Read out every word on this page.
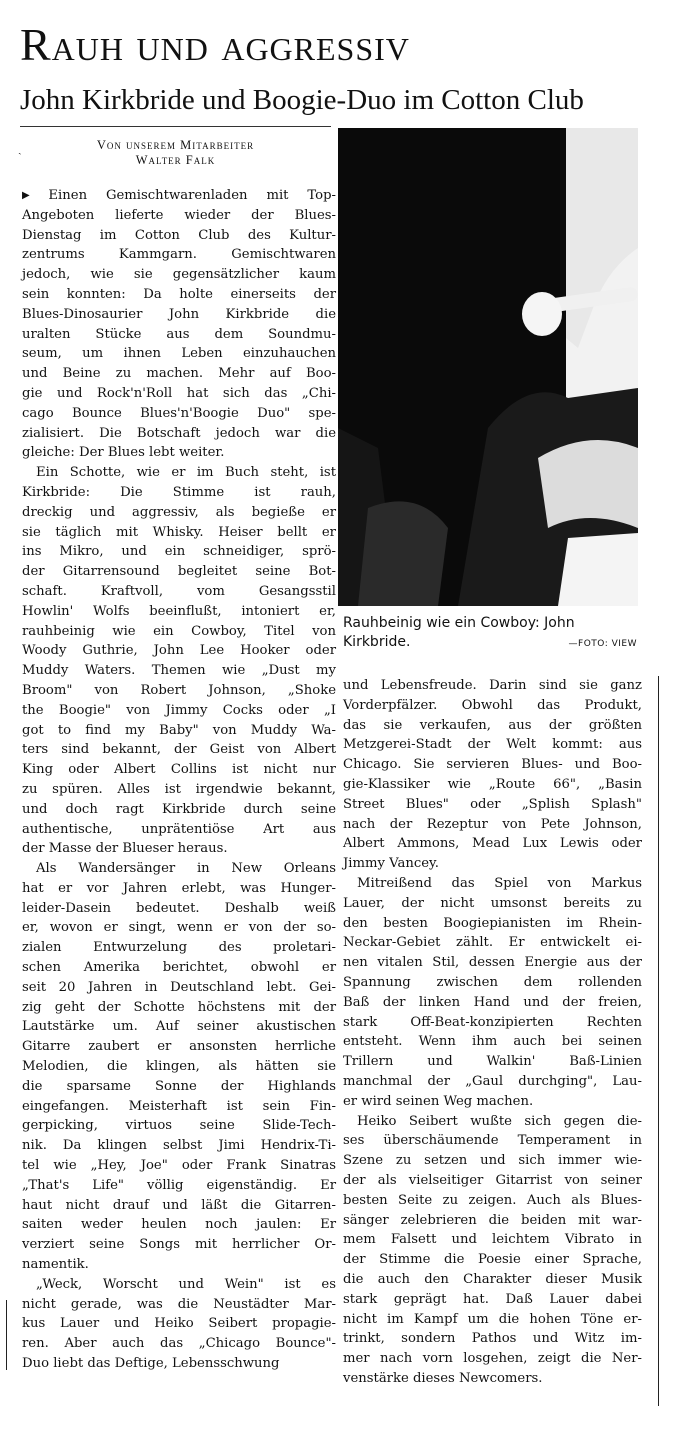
Rauh und aggressiv
John Kirkbride und Boogie-Duo im Cotton Club
ˎ	Von unserem Mitarbeiter
Walter Falk
Rauhbeinig wie ein Cowboy: John
Kirkbride.	—FOTO: VIEW
▶ Einen Gemischtwarenladen mit Top-
Angeboten lieferte wieder der Blues-
Dienstag im Cotton Club des Kultur-
zentrums Kammgarn. Gemischtwaren
jedoch, wie sie gegensätzlicher kaum
sein konnten: Da holte einerseits der
Blues-Dinosaurier John Kirkbride die
uralten Stücke aus dem Soundmu-
seum, um ihnen Leben einzuhauchen
und Beine zu machen. Mehr auf Boo-
gie und Rock'n'Roll hat sich das „Chi-
cago Bounce Blues'n'Boogie Duo" spe-
zialisiert. Die Botschaft jedoch war die
gleiche: Der Blues lebt weiter.
Ein Schotte, wie er im Buch steht, ist
Kirkbride: Die Stimme ist rauh,
dreckig und aggressiv, als begieße er
sie täglich mit Whisky. Heiser bellt er
ins Mikro, und ein schneidiger, sprö-
der Gitarrensound begleitet seine Bot-
schaft. Kraftvoll, vom Gesangsstil
Howlin' Wolfs beeinflußt, intoniert er,
rauhbeinig wie ein Cowboy, Titel von
Woody Guthrie, John Lee Hooker oder
Muddy Waters. Themen wie „Dust my
Broom" von Robert Johnson, „Shoke
the Boogie" von Jimmy Cocks oder „I
got to find my Baby" von Muddy Wa-
ters sind bekannt, der Geist von Albert
King oder Albert Collins ist nicht nur
zu spüren. Alles ist irgendwie bekannt,
und doch ragt Kirkbride durch seine
authentische, unprätentiöse Art aus
der Masse der Blueser heraus.
Als Wandersänger in New Orleans
hat er vor Jahren erlebt, was Hunger-
leider-Dasein bedeutet. Deshalb weiß
er, wovon er singt, wenn er von der so-
zialen Entwurzelung des proletari-
schen Amerika berichtet, obwohl er
seit 20 Jahren in Deutschland lebt. Gei-
zig geht der Schotte höchstens mit der
Lautstärke um. Auf seiner akustischen
Gitarre zaubert er ansonsten herrliche
Melodien, die klingen, als hätten sie
die sparsame Sonne der Highlands
eingefangen. Meisterhaft ist sein Fin-
gerpicking, virtuos seine Slide-Tech-
nik. Da klingen selbst Jimi Hendrix-Ti-
tel wie „Hey, Joe" oder Frank Sinatras
„That's Life" völlig eigenständig. Er
haut nicht drauf und läßt die Gitarren-
saiten weder heulen noch jaulen: Er
verziert seine Songs mit herrlicher Or-
namentik.
„Weck, Worscht und Wein" ist es
nicht gerade, was die Neustädter Mar-
kus Lauer und Heiko Seibert propagie-
ren. Aber auch das „Chicago Bounce"-
Duo liebt das Deftige, Lebensschwung
und Lebensfreude. Darin sind sie ganz
Vorderpfälzer. Obwohl das Produkt,
das sie verkaufen, aus der größten
Metzgerei-Stadt der Welt kommt: aus
Chicago. Sie servieren Blues- und Boo-
gie-Klassiker wie „Route 66", „Basin
Street Blues" oder „Splish Splash"
nach der Rezeptur von Pete Johnson,
Albert Ammons, Mead Lux Lewis oder
Jimmy Vancey.
Mitreißend das Spiel von Markus
Lauer, der nicht umsonst bereits zu
den besten Boogiepianisten im Rhein-
Neckar-Gebiet zählt. Er entwickelt ei-
nen vitalen Stil, dessen Energie aus der
Spannung zwischen dem rollenden
Baß der linken Hand und der freien,
stark Off-Beat-konzipierten Rechten
entsteht. Wenn ihm auch bei seinen
Trillern und Walkin' Baß-Linien
manchmal der „Gaul durchging", Lau-
er wird seinen Weg machen.
Heiko Seibert wußte sich gegen die-
ses überschäumende Temperament in
Szene zu setzen und sich immer wie-
der als vielseitiger Gitarrist von seiner
besten Seite zu zeigen. Auch als Blues-
sänger zelebrieren die beiden mit war-
mem Falsett und leichtem Vibrato in
der Stimme die Poesie einer Sprache,
die auch den Charakter dieser Musik
stark geprägt hat. Daß Lauer dabei
nicht im Kampf um die hohen Töne er-
trinkt, sondern Pathos und Witz im-
mer nach vorn losgehen, zeigt die Ner-
venstärke dieses Newcomers.
